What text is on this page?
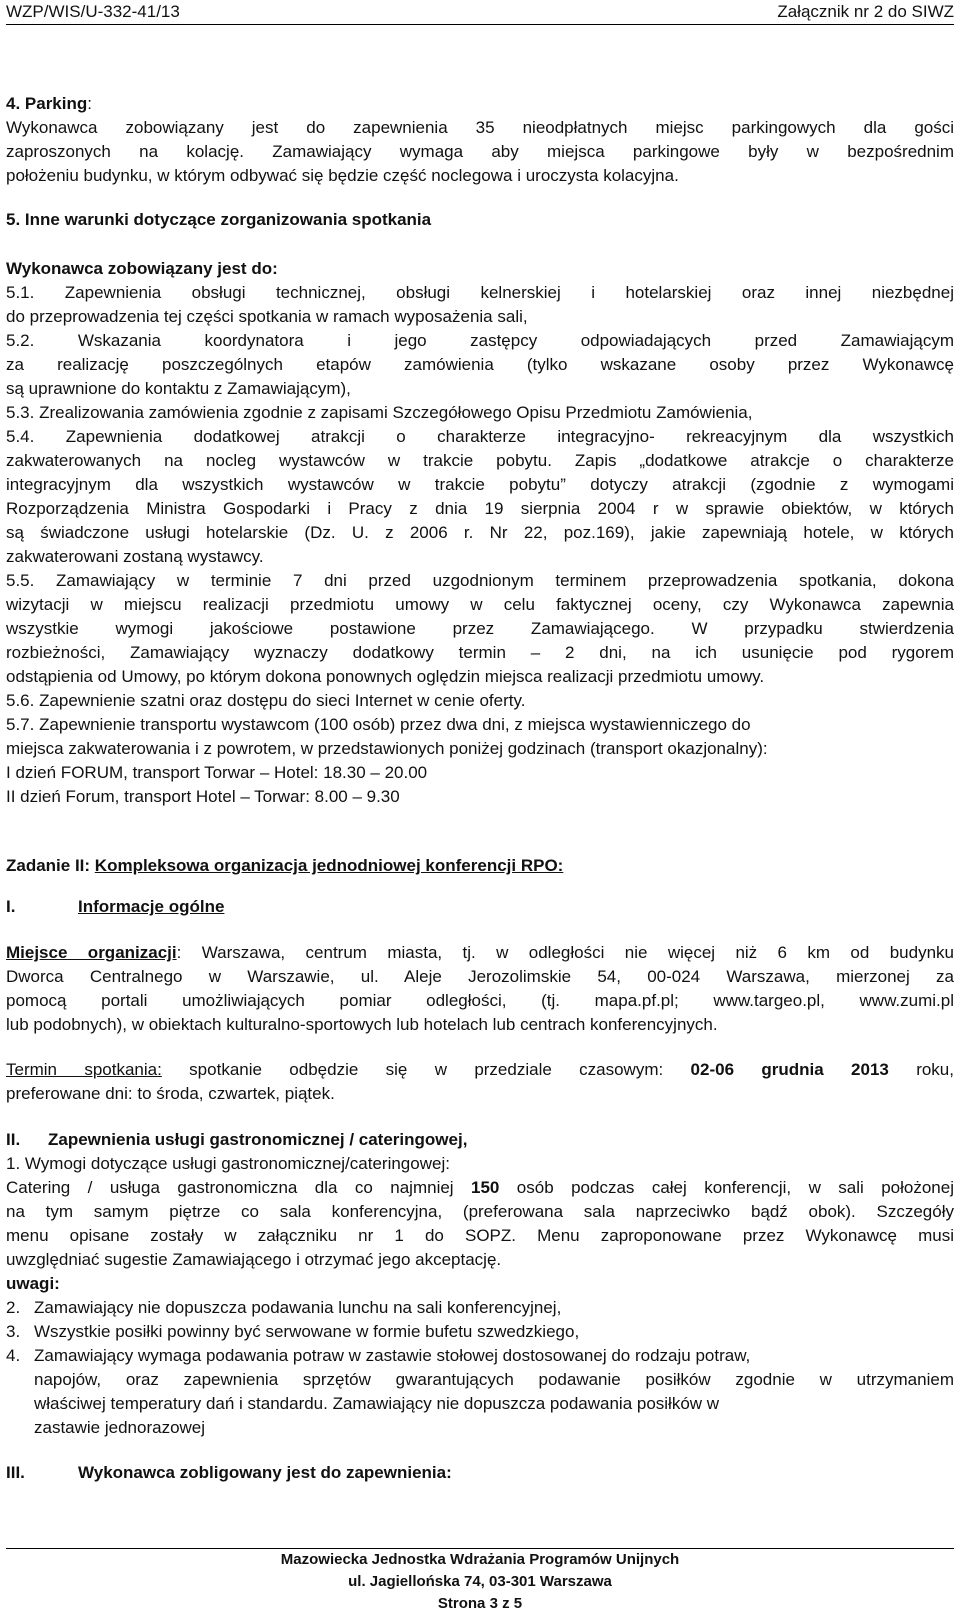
WZP/WIS/U-332-41/13	Załącznik nr 2 do SIWZ
4. Parking:
Wykonawca zobowiązany jest do zapewnienia 35 nieodpłatnych miejsc parkingowych dla gości
zaproszonych na kolację. Zamawiający wymaga aby miejsca parkingowe były w bezpośrednim
położeniu budynku, w którym odbywać się będzie część noclegowa i uroczysta kolacyjna.
5. Inne warunki dotyczące zorganizowania spotkania
Wykonawca zobowiązany jest do:
5.1. Zapewnienia obsługi technicznej, obsługi kelnerskiej i hotelarskiej oraz innej niezbędnej
do przeprowadzenia tej części spotkania w ramach wyposażenia sali,
5.2. Wskazania koordynatora i jego zastępcy odpowiadających przed Zamawiającym
za realizację poszczególnych etapów zamówienia (tylko wskazane osoby przez Wykonawcę
są uprawnione do kontaktu z Zamawiającym),
5.3. Zrealizowania zamówienia zgodnie z zapisami Szczegółowego Opisu Przedmiotu Zamówienia,
5.4. Zapewnienia dodatkowej atrakcji o charakterze integracyjno- rekreacyjnym dla wszystkich
zakwaterowanych na nocleg wystawców w trakcie pobytu. Zapis „dodatkowe atrakcje o charakterze
integracyjnym dla wszystkich wystawców w trakcie pobytu” dotyczy atrakcji (zgodnie z wymogami
Rozporządzenia Ministra Gospodarki i Pracy z dnia 19 sierpnia 2004 r w sprawie obiektów, w których
są świadczone usługi hotelarskie (Dz. U. z 2006 r. Nr 22, poz.169), jakie zapewniają hotele, w których
zakwaterowani zostaną wystawcy.
5.5. Zamawiający w terminie 7 dni przed uzgodnionym terminem przeprowadzenia spotkania, dokona
wizytacji w miejscu realizacji przedmiotu umowy w celu faktycznej oceny, czy Wykonawca zapewnia
wszystkie wymogi jakościowe postawione przez Zamawiającego. W przypadku stwierdzenia
rozbieżności, Zamawiający wyznaczy dodatkowy termin – 2 dni, na ich usunięcie pod rygorem
odstąpienia od Umowy, po którym dokona ponownych oględzin miejsca realizacji przedmiotu umowy.
5.6. Zapewnienie szatni oraz dostępu do sieci Internet w cenie oferty.
5.7. Zapewnienie transportu wystawcom (100 osób) przez dwa dni, z miejsca wystawienniczego do
miejsca zakwaterowania i z powrotem, w przedstawionych poniżej godzinach (transport okazjonalny):
I dzień FORUM, transport Torwar – Hotel: 18.30 – 20.00
II dzień Forum, transport Hotel – Torwar: 8.00 – 9.30
Zadanie II: Kompleksowa organizacja jednodniowej konferencji RPO:
I.	Informacje ogólne
Miejsce organizacji: Warszawa, centrum miasta, tj. w odległości nie więcej niż 6 km od budynku
Dworca Centralnego w Warszawie, ul. Aleje Jerozolimskie 54, 00-024 Warszawa, mierzonej za
pomocą portali umożliwiających pomiar odległości, (tj. mapa.pf.pl; www.targeo.pl, www.zumi.pl
lub podobnych), w obiektach kulturalno-sportowych lub hotelach lub centrach konferencyjnych.
Termin spotkania: spotkanie odbędzie się w przedziale czasowym: 02-06 grudnia 2013 roku,
preferowane dni: to środa, czwartek, piątek.
II. Zapewnienia usługi gastronomicznej / cateringowej,
1. Wymogi dotyczące usługi gastronomicznej/cateringowej:
Catering / usługa gastronomiczna dla co najmniej 150 osób podczas całej konferencji, w sali położonej
na tym samym piętrze co sala konferencyjna, (preferowana sala naprzeciwko bądź obok). Szczegóły
menu opisane zostały w załączniku nr 1 do SOPZ. Menu zaproponowane przez Wykonawcę musi
uwzględniać sugestie Zamawiającego i otrzymać jego akceptację.
uwagi:
2. Zamawiający nie dopuszcza podawania lunchu na sali konferencyjnej,
3. Wszystkie posiłki powinny być serwowane w formie bufetu szwedzkiego,
4. Zamawiający wymaga podawania potraw w zastawie stołowej dostosowanej do rodzaju potraw,
napojów, oraz zapewnienia sprzętów gwarantujących podawanie posiłków zgodnie w utrzymaniem
właściwej temperatury dań i standardu. Zamawiający nie dopuszcza podawania posiłków w
zastawie jednorazowej
III.	Wykonawca zobligowany jest do zapewnienia:
Mazowiecka Jednostka Wdrażania Programów Unijnych
ul. Jagiellońska 74, 03-301 Warszawa
Strona 3 z 5
